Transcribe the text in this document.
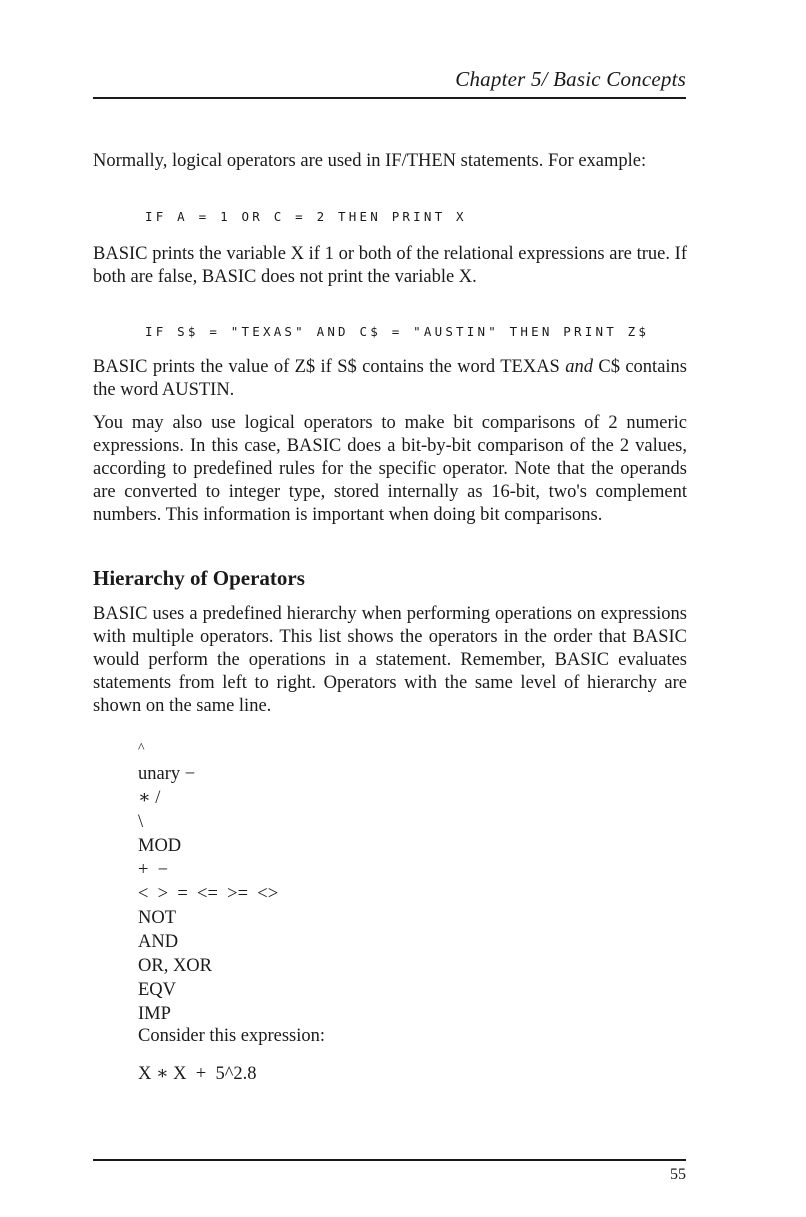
Chapter 5/ Basic Concepts

Normally, logical operators are used in IF/THEN statements. For example:

IF A = 1 OR C = 2 THEN PRINT X

BASIC prints the variable X if 1 or both of the relational expressions are true. If both are false, BASIC does not print the variable X.

IF S$ = "TEXAS" AND C$ = "AUSTIN" THEN PRINT Z$

BASIC prints the value of Z$ if S$ contains the word TEXAS and C$ contains the word AUSTIN.

You may also use logical operators to make bit comparisons of 2 numeric expressions. In this case, BASIC does a bit-by-bit comparison of the 2 values, according to predefined rules for the specific operator. Note that the operands are converted to integer type, stored internally as 16-bit, two's complement numbers. This information is important when doing bit comparisons.

Hierarchy of Operators

BASIC uses a predefined hierarchy when performing operations on expressions with multiple operators. This list shows the operators in the order that BASIC would perform the operations in a statement. Remember, BASIC evaluates statements from left to right. Operators with the same level of hierarchy are shown on the same line.

^
unary −
∗ /
\
MOD
+  −
<  >  =  <=  >=  <>
NOT
AND
OR, XOR
EQV
IMP
Consider this expression:
X ∗ X  +  5^2.8
55
